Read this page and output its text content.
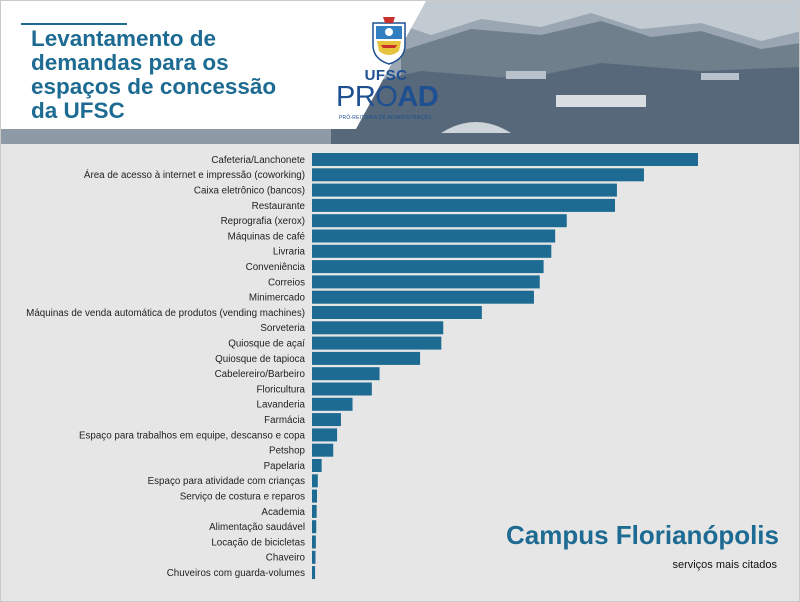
Levantamento de
demandas para os
espaços de concessão
da UFSC
UFSC
PROAD
PRÓ-REITORIA DE ADMINISTRAÇÃO
Cafeteria/Lanchonete
Área de acesso à internet e impressão (coworking)
Caixa eletrônico (bancos)
Restaurante
Reprografia (xerox)
Máquinas de café
Livraria
Conveniência
Correios
Minimercado
Máquinas de venda automática de produtos (vending machines)
Sorveteria
Quiosque de açaí
Quiosque de tapioca
Cabelereiro/Barbeiro
Floricultura
Lavanderia
Farmácia
Espaço para trabalhos em equipe, descanso e copa
Petshop
Papelaria
Espaço para atividade com crianças
Serviço de costura e reparos
Academia
Alimentação saudável
Locação de bicicletas
Chaveiro
Chuveiros com guarda-volumes
Campus Florianópolis

serviços mais citados
